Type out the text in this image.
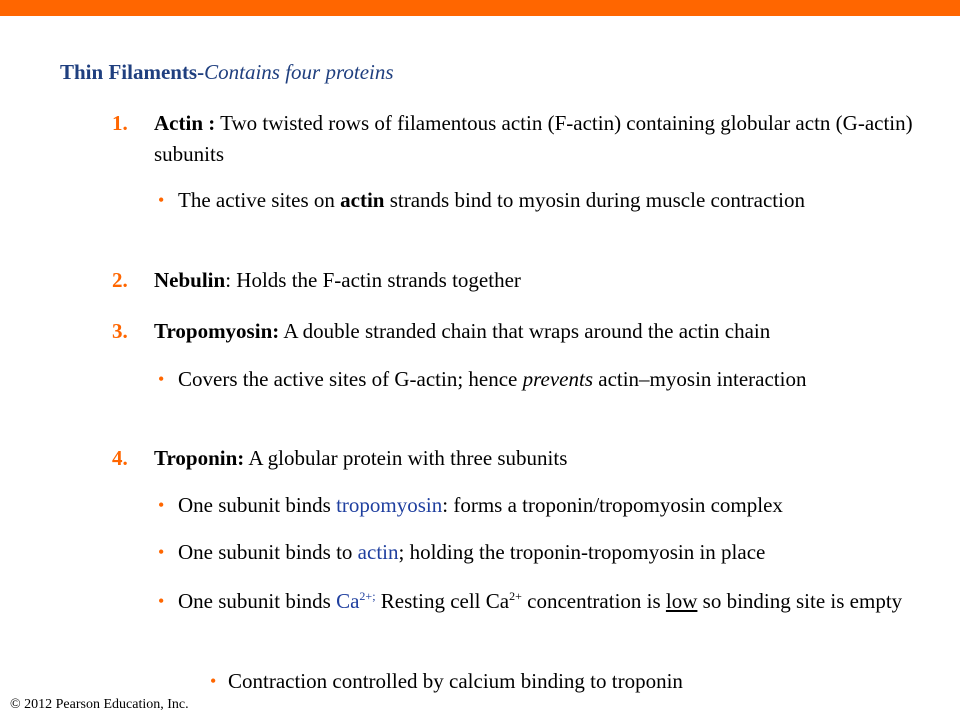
Thin Filaments-Contains four proteins
1. Actin : Two twisted rows of filamentous actin (F-actin) containing globular actn (G-actin) subunits
• The active sites on actin strands bind to myosin during muscle contraction
2. Nebulin: Holds the F-actin strands together
3. Tropomyosin: A double stranded chain that wraps around the actin chain
• Covers the active sites of G-actin; hence prevents actin–myosin interaction
4. Troponin: A globular protein with three subunits
• One subunit binds tropomyosin: forms a troponin/tropomyosin complex
• One subunit binds to actin; holding the troponin-tropomyosin in place
• One subunit binds $Ca^{2+;}$ Resting cell $Ca^{2+}$ concentration is low so binding site is empty
• Contraction controlled by calcium binding to troponin
© 2012 Pearson Education, Inc.
